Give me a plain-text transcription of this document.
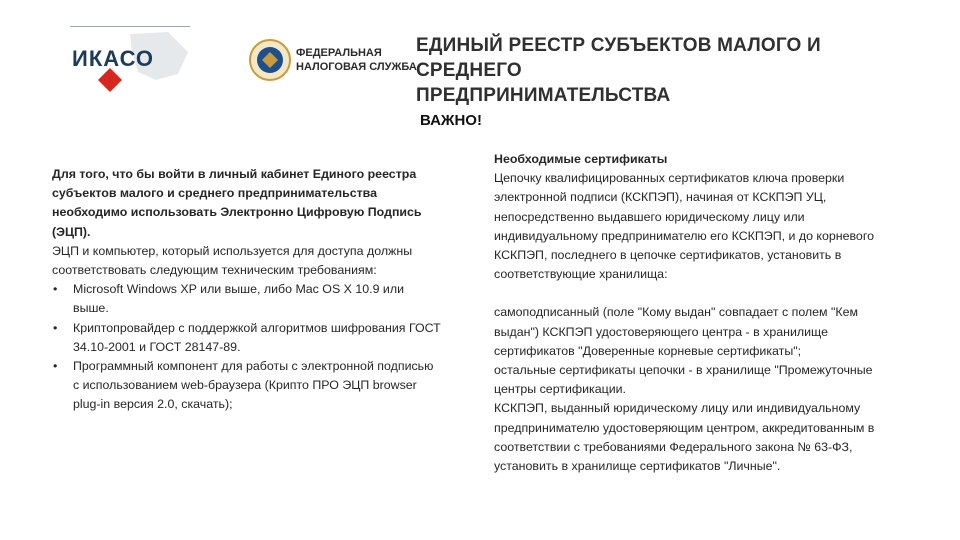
ИКАСО	ФЕДЕРАЛЬНАЯ
НАЛОГОВАЯ СЛУЖБА
ЕДИНЫЙ РЕЕСТР СУБЪЕКТОВ МАЛОГО И СРЕДНЕГО
ПРЕДПРИНИМАТЕЛЬСТВА
ВАЖНО!

Для того, что бы войти в личный кабинет Единого реестра субъектов малого и среднего предпринимательства необходимо использовать Электронно Цифровую Подпись (ЭЦП).

ЭЦП и компьютер, который используется для доступа должны соответствовать следующим техническим требованиям:

• Microsoft Windows XP или выше, либо Mac OS X 10.9 или выше.
• Криптопровайдер с поддержкой алгоритмов шифрования ГОСТ 34.10-2001 и ГОСТ 28147-89.
• Программный компонент для работы с электронной подписью с использованием web-браузера (Крипто ПРО ЭЦП browser plug-in версия 2.0, скачать);

Необходимые сертификаты

Цепочку квалифицированных сертификатов ключа проверки электронной подписи (КСКПЭП), начиная от КСКПЭП УЦ, непосредственно выдавшего юридическому лицу или индивидуальному предпринимателю его КСКПЭП, и до корневого КСКПЭП, последнего в цепочке сертификатов, установить в соответствующие хранилища:

самоподписанный (поле "Кому выдан" совпадает с полем "Кем выдан") КСКПЭП удостоверяющего центра - в хранилище сертификатов "Доверенные корневые сертификаты";

остальные сертификаты цепочки - в хранилище "Промежуточные центры сертификации.

КСКПЭП, выданный юридическому лицу или индивидуальному предпринимателю удостоверяющим центром, аккредитованным в соответствии с требованиями Федерального закона № 63-ФЗ, установить в хранилище сертификатов "Личные".
